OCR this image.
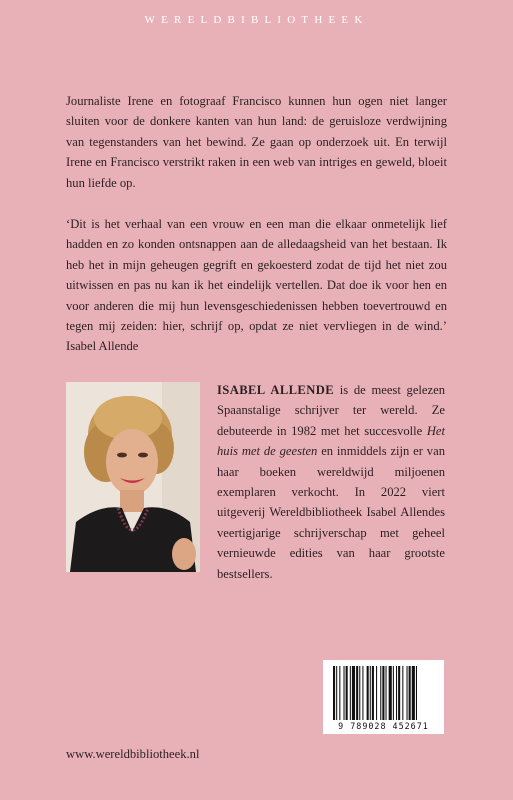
WERELDBIBLIOTHEEK

Journaliste Irene en fotograaf Francisco kunnen hun ogen niet langer sluiten voor de donkere kanten van hun land: de geruisloze verdwijning van tegenstanders van het bewind. Ze gaan op onderzoek uit. En terwijl Irene en Francisco verstrikt raken in een web van intriges en geweld, bloeit hun liefde op.

‘Dit is het verhaal van een vrouw en een man die elkaar onmetelijk lief hadden en zo konden ontsnappen aan de alledaagsheid van het bestaan. Ik heb het in mijn geheugen gegrift en gekoesterd zodat de tijd het niet zou uitwissen en pas nu kan ik het eindelijk vertellen. Dat doe ik voor hen en voor anderen die mij hun levensgeschiedenissen hebben toevertrouwd en tegen mij zeiden: hier, schrijf op, opdat ze niet vervliegen in de wind.’ Isabel Allende

ISABEL ALLENDE is de meest gelezen Spaanstalige schrijver ter wereld. Ze debuteerde in 1982 met het succesvolle Het huis met de geesten en inmiddels zijn er van haar boeken wereldwijd miljoenen exemplaren verkocht. In 2022 viert uitgeverij Wereldbibliotheek Isabel Allendes veertigjarige schrijverschap met geheel vernieuwde edities van haar grootste bestsellers.

9 789028 452671
www.wereldbibliotheek.nl
